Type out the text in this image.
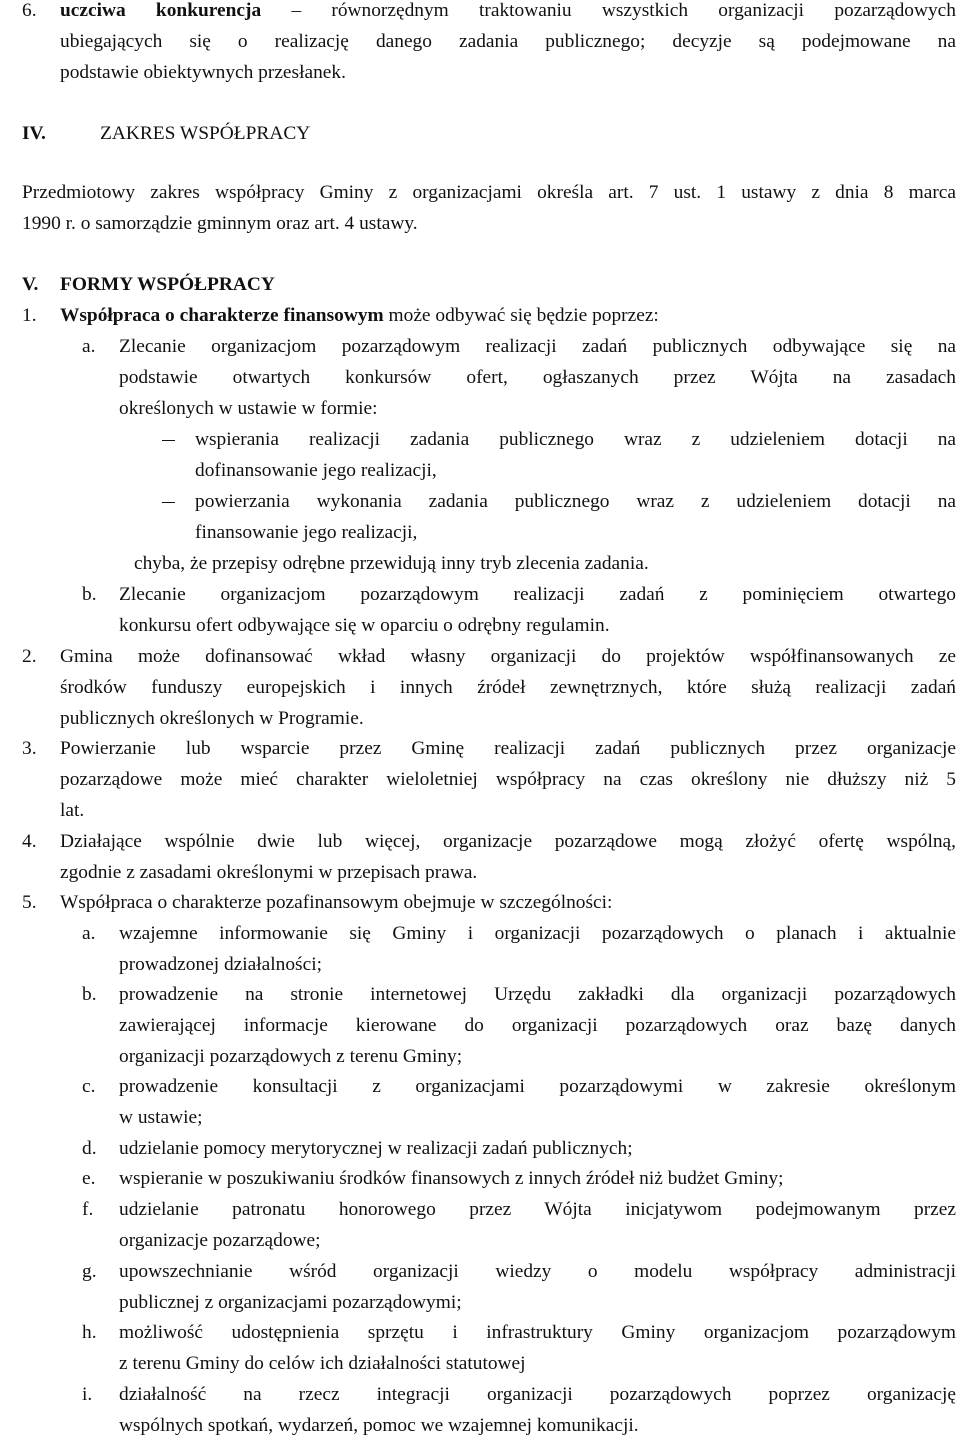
6. uczciwa konkurencja – równorzędnym traktowaniu wszystkich organizacji pozarządowych
ubiegających się o realizację danego zadania publicznego; decyzje są podejmowane na
podstawie obiektywnych przesłanek.
IV.	ZAKRES WSPÓŁPRACY
Przedmiotowy zakres współpracy Gminy z organizacjami określa art. 7 ust. 1 ustawy z dnia 8 marca
1990 r. o samorządzie gminnym oraz art. 4 ustawy.
V. FORMY WSPÓŁPRACY
1. Współpraca o charakterze finansowym może odbywać się będzie poprzez:
a. Zlecanie organizacjom pozarządowym realizacji zadań publicznych odbywające się na
podstawie otwartych konkursów ofert, ogłaszanych przez Wójta na zasadach
określonych w ustawie w formie:
wspierania realizacji zadania publicznego wraz z udzieleniem dotacji na
dofinansowanie jego realizacji,
powierzania wykonania zadania publicznego wraz z udzieleniem dotacji na
finansowanie jego realizacji,
chyba, że przepisy odrębne przewidują inny tryb zlecenia zadania.
b. Zlecanie organizacjom pozarządowym realizacji zadań z pominięciem otwartego
konkursu ofert odbywające się w oparciu o odrębny regulamin.
2. Gmina może dofinansować wkład własny organizacji do projektów współfinansowanych ze
środków funduszy europejskich i innych źródeł zewnętrznych, które służą realizacji zadań
publicznych określonych w Programie.
3. Powierzanie lub wsparcie przez Gminę realizacji zadań publicznych przez organizacje
pozarządowe może mieć charakter wieloletniej współpracy na czas określony nie dłuższy niż 5
lat.
4. Działające wspólnie dwie lub więcej, organizacje pozarządowe mogą złożyć ofertę wspólną,
zgodnie z zasadami określonymi w przepisach prawa.
5. Współpraca o charakterze pozafinansowym obejmuje w szczególności:
a. wzajemne informowanie się Gminy i organizacji pozarządowych o planach i aktualnie
prowadzonej działalności;
b. prowadzenie na stronie internetowej Urzędu zakładki dla organizacji pozarządowych
zawierającej informacje kierowane do organizacji pozarządowych oraz bazę danych
organizacji pozarządowych z terenu Gminy;
c. prowadzenie konsultacji z organizacjami pozarządowymi w zakresie określonym
w ustawie;
d. udzielanie pomocy merytorycznej w realizacji zadań publicznych;
e. wspieranie w poszukiwaniu środków finansowych z innych źródeł niż budżet Gminy;
f. udzielanie patronatu honorowego przez Wójta inicjatywom podejmowanym przez
organizacje pozarządowe;
g. upowszechnianie wśród organizacji wiedzy o modelu współpracy administracji
publicznej z organizacjami pozarządowymi;
h. możliwość udostępnienia sprzętu i infrastruktury Gminy organizacjom pozarządowym
z terenu Gminy do celów ich działalności statutowej
i. działalność na rzecz integracji organizacji pozarządowych poprzez organizację
wspólnych spotkań, wydarzeń, pomoc we wzajemnej komunikacji.
